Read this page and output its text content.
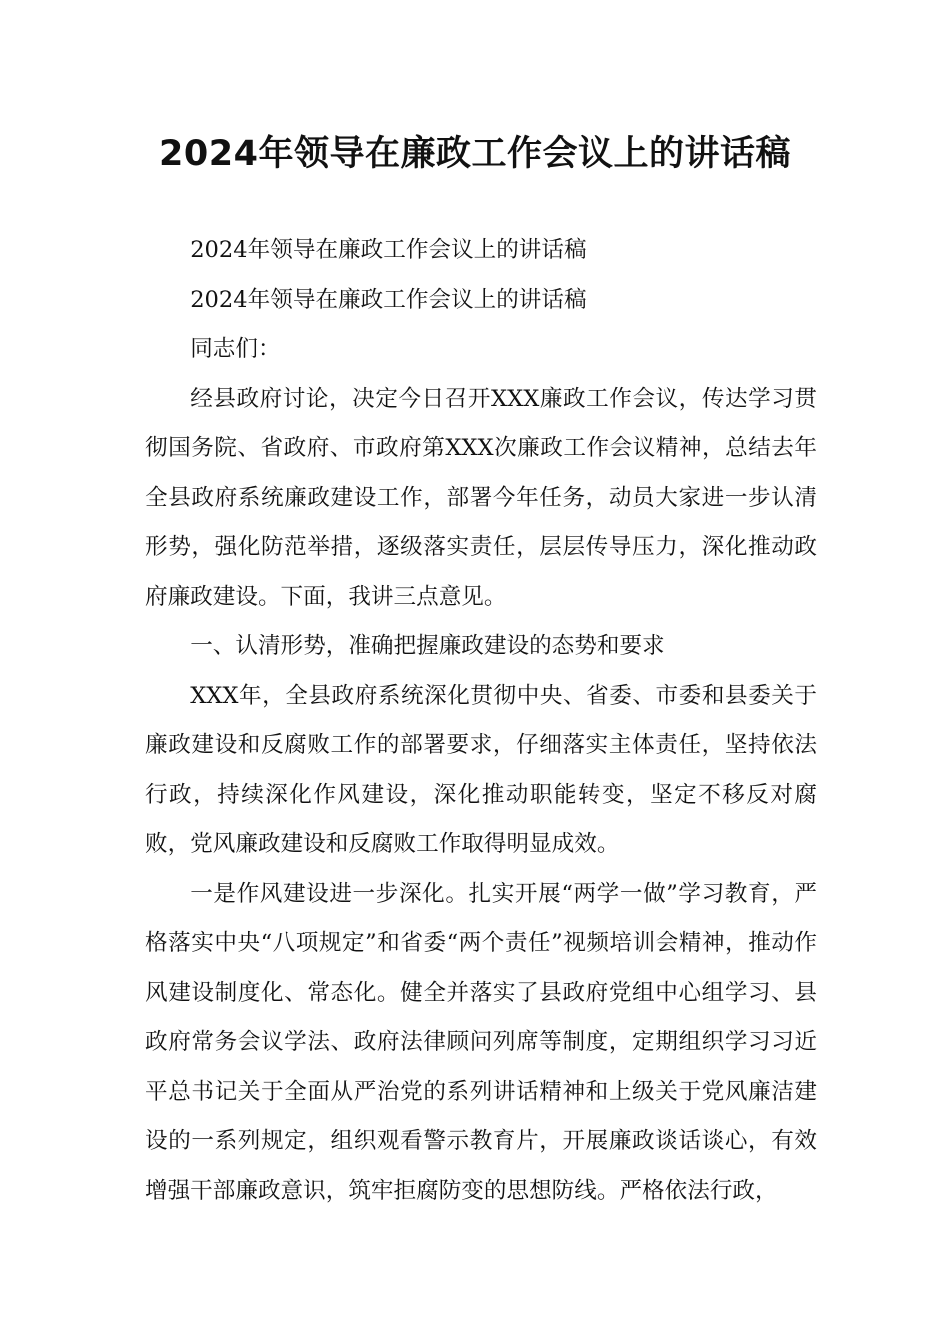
2024年领导在廉政工作会议上的讲话稿

2024年领导在廉政工作会议上的讲话稿

2024年领导在廉政工作会议上的讲话稿

同志们：

经县政府讨论，决定今日召开XXX廉政工作会议，传达学习贯彻国务院、省政府、市政府第XXX次廉政工作会议精神，总结去年全县政府系统廉政建设工作，部署今年任务，动员大家进一步认清形势，强化防范举措，逐级落实责任，层层传导压力，深化推动政府廉政建设。下面，我讲三点意见。

一、认清形势，准确把握廉政建设的态势和要求

XXX年，全县政府系统深化贯彻中央、省委、市委和县委关于廉政建设和反腐败工作的部署要求，仔细落实主体责任，坚持依法行政，持续深化作风建设，深化推动职能转变，坚定不移反对腐败，党风廉政建设和反腐败工作取得明显成效。

一是作风建设进一步深化。扎实开展“两学一做”学习教育，严格落实中央“八项规定”和省委“两个责任”视频培训会精神，推动作风建设制度化、常态化。健全并落实了县政府党组中心组学习、县政府常务会议学法、政府法律顾问列席等制度，定期组织学习习近平总书记关于全面从严治党的系列讲话精神和上级关于党风廉洁建设的一系列规定，组织观看警示教育片，开展廉政谈话谈心，有效增强干部廉政意识，筑牢拒腐防变的思想防线。严格依法行政，
